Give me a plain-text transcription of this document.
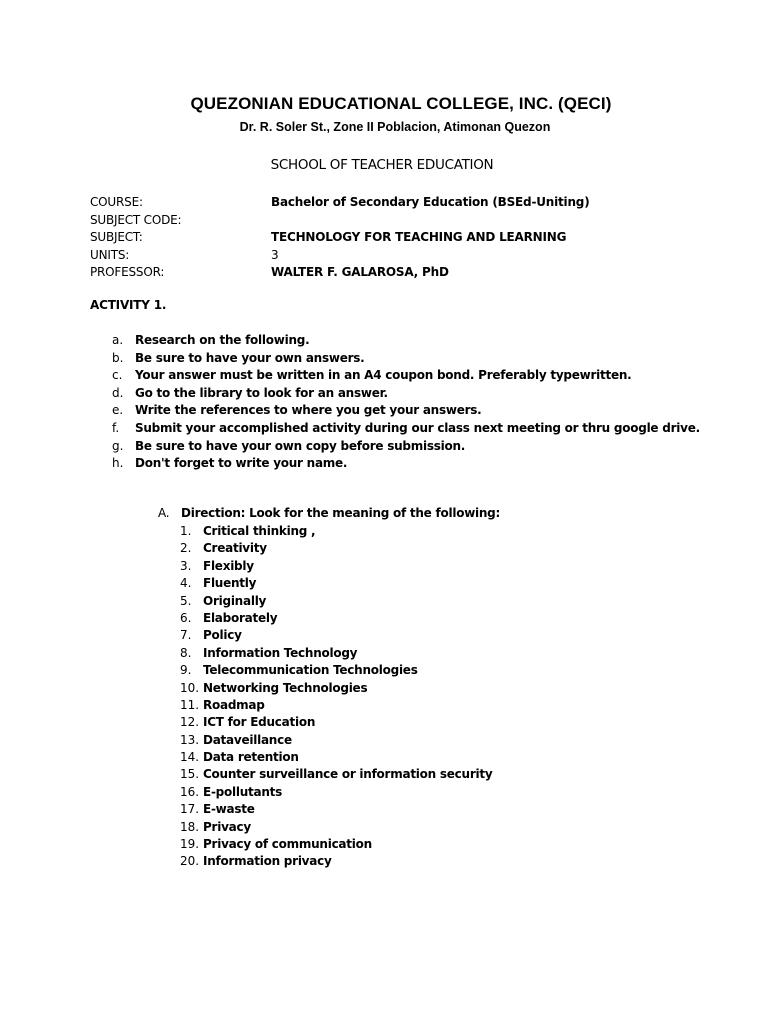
QUEZONIAN EDUCATIONAL COLLEGE, INC. (QECI)
Dr. R. Soler St., Zone II Poblacion, Atimonan Quezon
SCHOOL OF TEACHER EDUCATION
COURSE:	Bachelor of Secondary Education (BSEd-Uniting)
SUBJECT CODE:
SUBJECT:	TECHNOLOGY FOR TEACHING AND LEARNING
UNITS:	3
PROFESSOR:	WALTER F. GALAROSA, PhD
ACTIVITY 1.
a. Research on the following.
b. Be sure to have your own answers.
c. Your answer must be written in an A4 coupon bond. Preferably typewritten.
d. Go to the library to look for an answer.
e. Write the references to where you get your answers.
f. Submit your accomplished activity during our class next meeting or thru google drive.
g. Be sure to have your own copy before submission.
h. Don't forget to write your name.
A. Direction: Look for the meaning of the following:
1. Critical thinking ,
2. Creativity
3. Flexibly
4. Fluently
5. Originally
6. Elaborately
7. Policy
8. Information Technology
9. Telecommunication Technologies
10. Networking Technologies
11. Roadmap
12. ICT for Education
13. Dataveillance
14. Data retention
15. Counter surveillance or information security
16. E-pollutants
17. E-waste
18. Privacy
19. Privacy of communication
20. Information privacy
